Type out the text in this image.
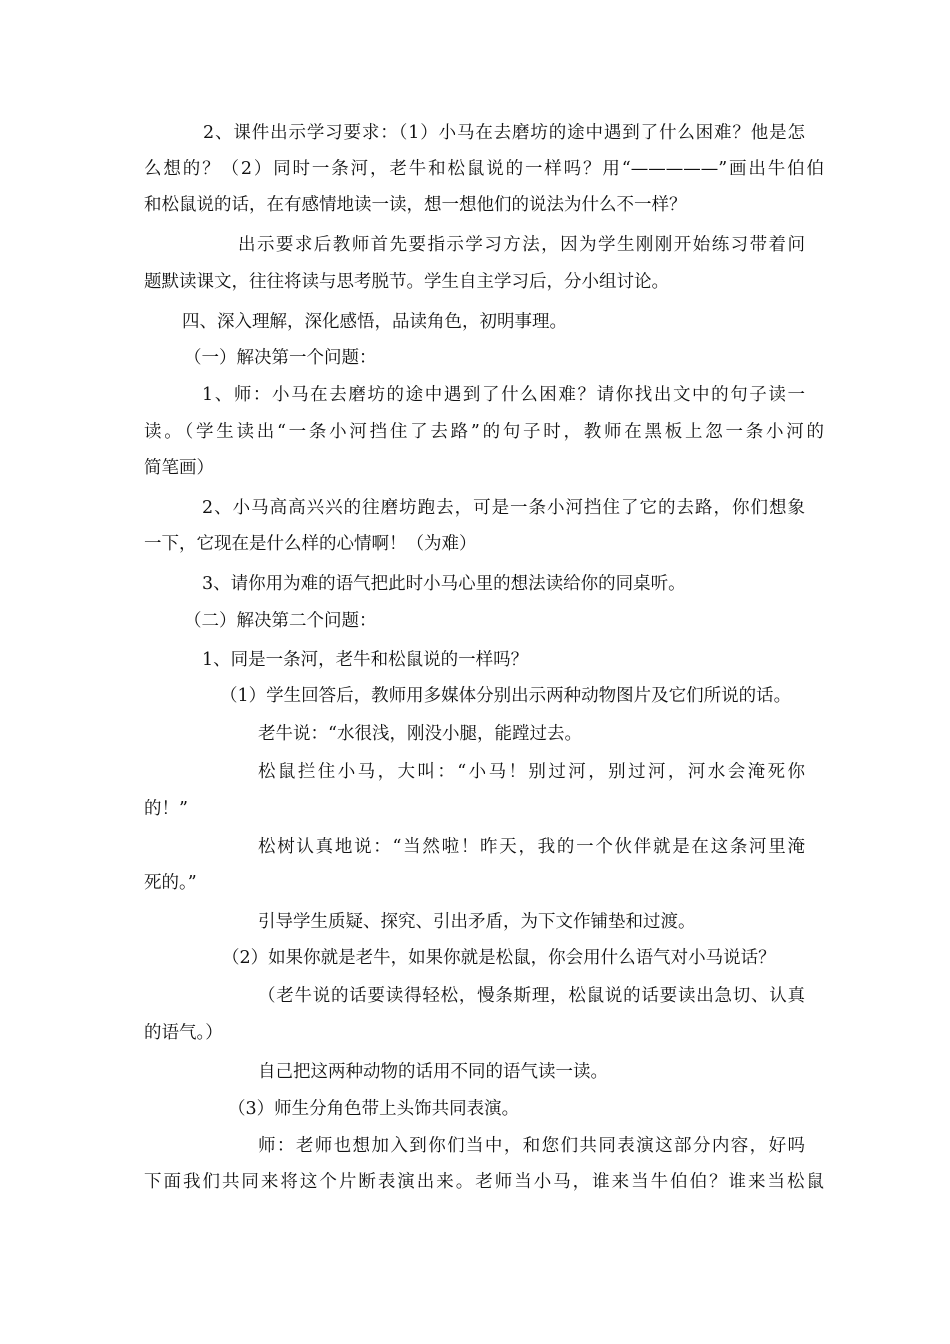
2、课件出示学习要求：（1）小马在去磨坊的途中遇到了什么困难？他是怎
么想的？（2）同时一条河，老牛和松鼠说的一样吗？用“—————”画出牛伯伯
和松鼠说的话，在有感情地读一读，想一想他们的说法为什么不一样？
出示要求后教师首先要指示学习方法，因为学生刚刚开始练习带着问
题默读课文，往往将读与思考脱节。学生自主学习后，分小组讨论。
四、深入理解，深化感悟，品读角色，初明事理。
（一）解决第一个问题：
1、师：小马在去磨坊的途中遇到了什么困难？请你找出文中的句子读一
读。（学生读出“一条小河挡住了去路”的句子时，教师在黑板上忽一条小河的
简笔画）
2、小马高高兴兴的往磨坊跑去，可是一条小河挡住了它的去路，你们想象
一下，它现在是什么样的心情啊！（为难）
3、请你用为难的语气把此时小马心里的想法读给你的同桌听。
（二）解决第二个问题：
1、同是一条河，老牛和松鼠说的一样吗？
（1）学生回答后，教师用多媒体分别出示两种动物图片及它们所说的话。
老牛说：“水很浅，刚没小腿，能蹚过去。
松鼠拦住小马，大叫：“小马！别过河，别过河，河水会淹死你
的！”
松树认真地说：“当然啦！昨天，我的一个伙伴就是在这条河里淹
死的。”
引导学生质疑、探究、引出矛盾，为下文作铺垫和过渡。
（2）如果你就是老牛，如果你就是松鼠，你会用什么语气对小马说话？
（老牛说的话要读得轻松，慢条斯理，松鼠说的话要读出急切、认真
的语气。）
自己把这两种动物的话用不同的语气读一读。
（3）师生分角色带上头饰共同表演。
师：老师也想加入到你们当中，和您们共同表演这部分内容，好吗
下面我们共同来将这个片断表演出来。老师当小马，谁来当牛伯伯？谁来当松鼠
